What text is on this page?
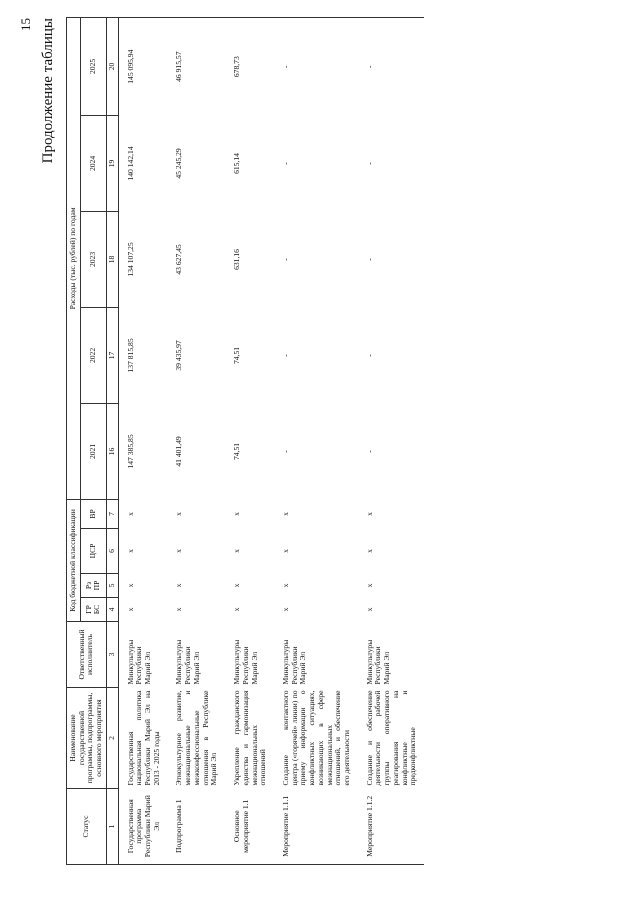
15 Продолжение таблицы
Статус	Наименование государственной программы, подпрограммы, основного мероприятия	Ответственный исполнитель	Код бюджетной классификации				Расходы (тыс. рублей) по годам				
			ГР БС	Рз ПР	ЦСР	ВР	2021	2022	2023	2024	2025

1	2	3	4	5	6	7	16	17	18	19	20
Государственная программа Республики Марий Эл	Государственная национальная политика Республики Марий Эл на 2013 - 2025 годы	Минкультуры Республики Марий Эл	x	x	x	x	147 385,85	137 815,85	134 107,25	140 142,14	145 095,94
Подпрограмма 1	Этнокультурное развитие, межнациональные и межконфессиональные отношения в Республике Марий Эл	Минкультуры Республики Марий Эл	x	x	x	x	41 401,49	39 435,97	43 627,45	45 245,29	46 915,57
Основное мероприятие 1.1	Укрепление гражданского единства и гармонизация межнациональных отношений	Минкультуры Республики Марий Эл	x	x	x	x	74,51	74,51	631,16	615,14	678,73
Мероприятие 1.1.1	Создание контактного центра («горячей» линии) по приему информации о конфликтных ситуациях, возникающих в сфере межнациональных отношений, и обеспечение его деятельности	Минкультуры Республики Марий Эл	x	x	x	x	-	-	-	-	-
Мероприятие 1.1.2	Создание и обеспечение деятельности рабочей группы оперативного реагирования на конфликтные и предконфликтные	Минкультуры Республики Марий Эл	x	x	x	x	-	-	-	-	-
